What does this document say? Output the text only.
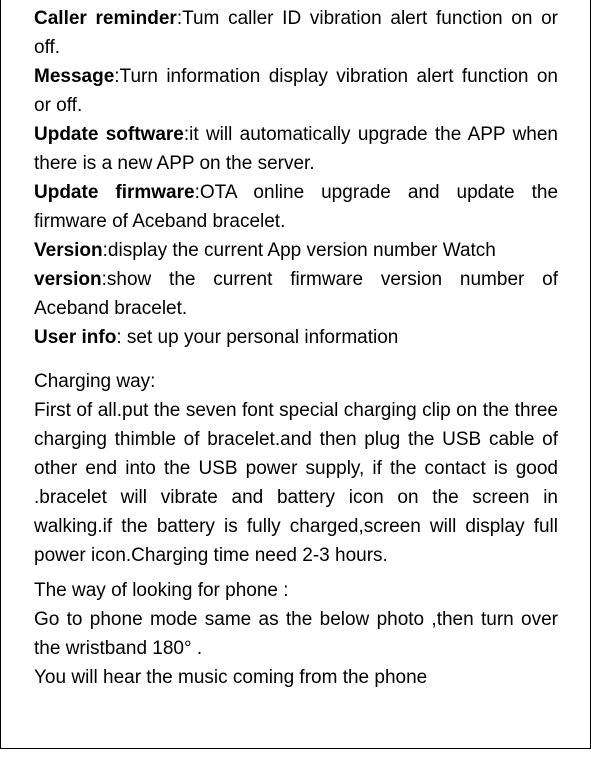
Caller reminder:Tum caller ID vibration alert function on or off.

Message:Turn information display vibration alert function on or off.

Update software:it will automatically upgrade the APP when there is a new APP on the server.

Update firmware:OTA online upgrade and update the firmware of Aceband bracelet.

Version:display the current App version number Watch

version:show the current firmware version number of Aceband bracelet.

User info: set up your personal information

Charging way:

First of all.put the seven font special charging clip on the three charging thimble of bracelet.and then plug the USB cable of other end into the USB power supply, if the contact is good .bracelet will vibrate and battery icon on the screen in walking.if the battery is fully charged,screen will display full power icon.Charging time need 2-3 hours.

The way of looking for phone :

Go to phone mode same as the below photo ,then turn over the wristband 180° .

You will hear the music coming from the phone
